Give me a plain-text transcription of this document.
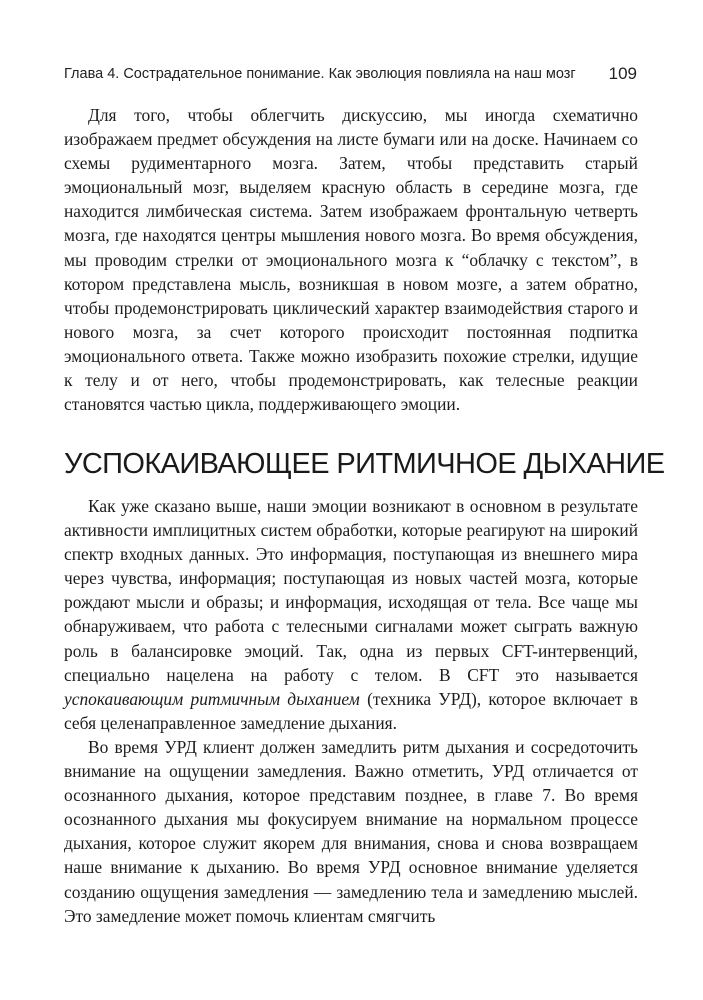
Глава 4. Сострадательное понимание. Как эволюция повлияла на наш мозг 109

Для того, чтобы облегчить дискуссию, мы иногда схематично изображаем предмет обсуждения на листе бумаги или на доске. Начинаем со схемы рудиментарного мозга. Затем, чтобы представить старый эмоциональный мозг, выделяем красную область в середине мозга, где находится лимбическая система. Затем изображаем фронтальную четверть мозга, где находятся центры мышления нового мозга. Во время обсуждения, мы проводим стрелки от эмоционального мозга к “облачку с текстом”, в котором представлена мысль, возникшая в новом мозге, а затем обратно, чтобы продемонстрировать циклический характер взаимодействия старого и нового мозга, за счет которого происходит постоянная подпитка эмоционального ответа. Также можно изобразить похожие стрелки, идущие к телу и от него, чтобы продемонстрировать, как телесные реакции становятся частью цикла, поддерживающего эмоции.

УСПОКАИВАЮЩЕЕ РИТМИЧНОЕ ДЫХАНИЕ

Как уже сказано выше, наши эмоции возникают в основном в результате активности имплицитных систем обработки, которые реагируют на широкий спектр входных данных. Это информация, поступающая из внешнего мира через чувства, информация; поступающая из новых частей мозга, которые рождают мысли и образы; и информация, исходящая от тела. Все чаще мы обнаруживаем, что работа с телесными сигналами может сыграть важную роль в балансировке эмоций. Так, одна из первых CFT-интервенций, специально нацелена на работу с телом. В CFT это называется успокаивающим ритмичным дыханием (техника УРД), которое включает в себя целенаправленное замедление дыхания.

Во время УРД клиент должен замедлить ритм дыхания и сосредоточить внимание на ощущении замедления. Важно отметить, УРД отличается от осознанного дыхания, которое представим позднее, в главе 7. Во время осознанного дыхания мы фокусируем внимание на нормальном процессе дыхания, которое служит якорем для внимания, снова и снова возвращаем наше внимание к дыханию. Во время УРД основное внимание уделяется созданию ощущения замедления — замедлению тела и замедлению мыслей. Это замедление может помочь клиентам смягчить
